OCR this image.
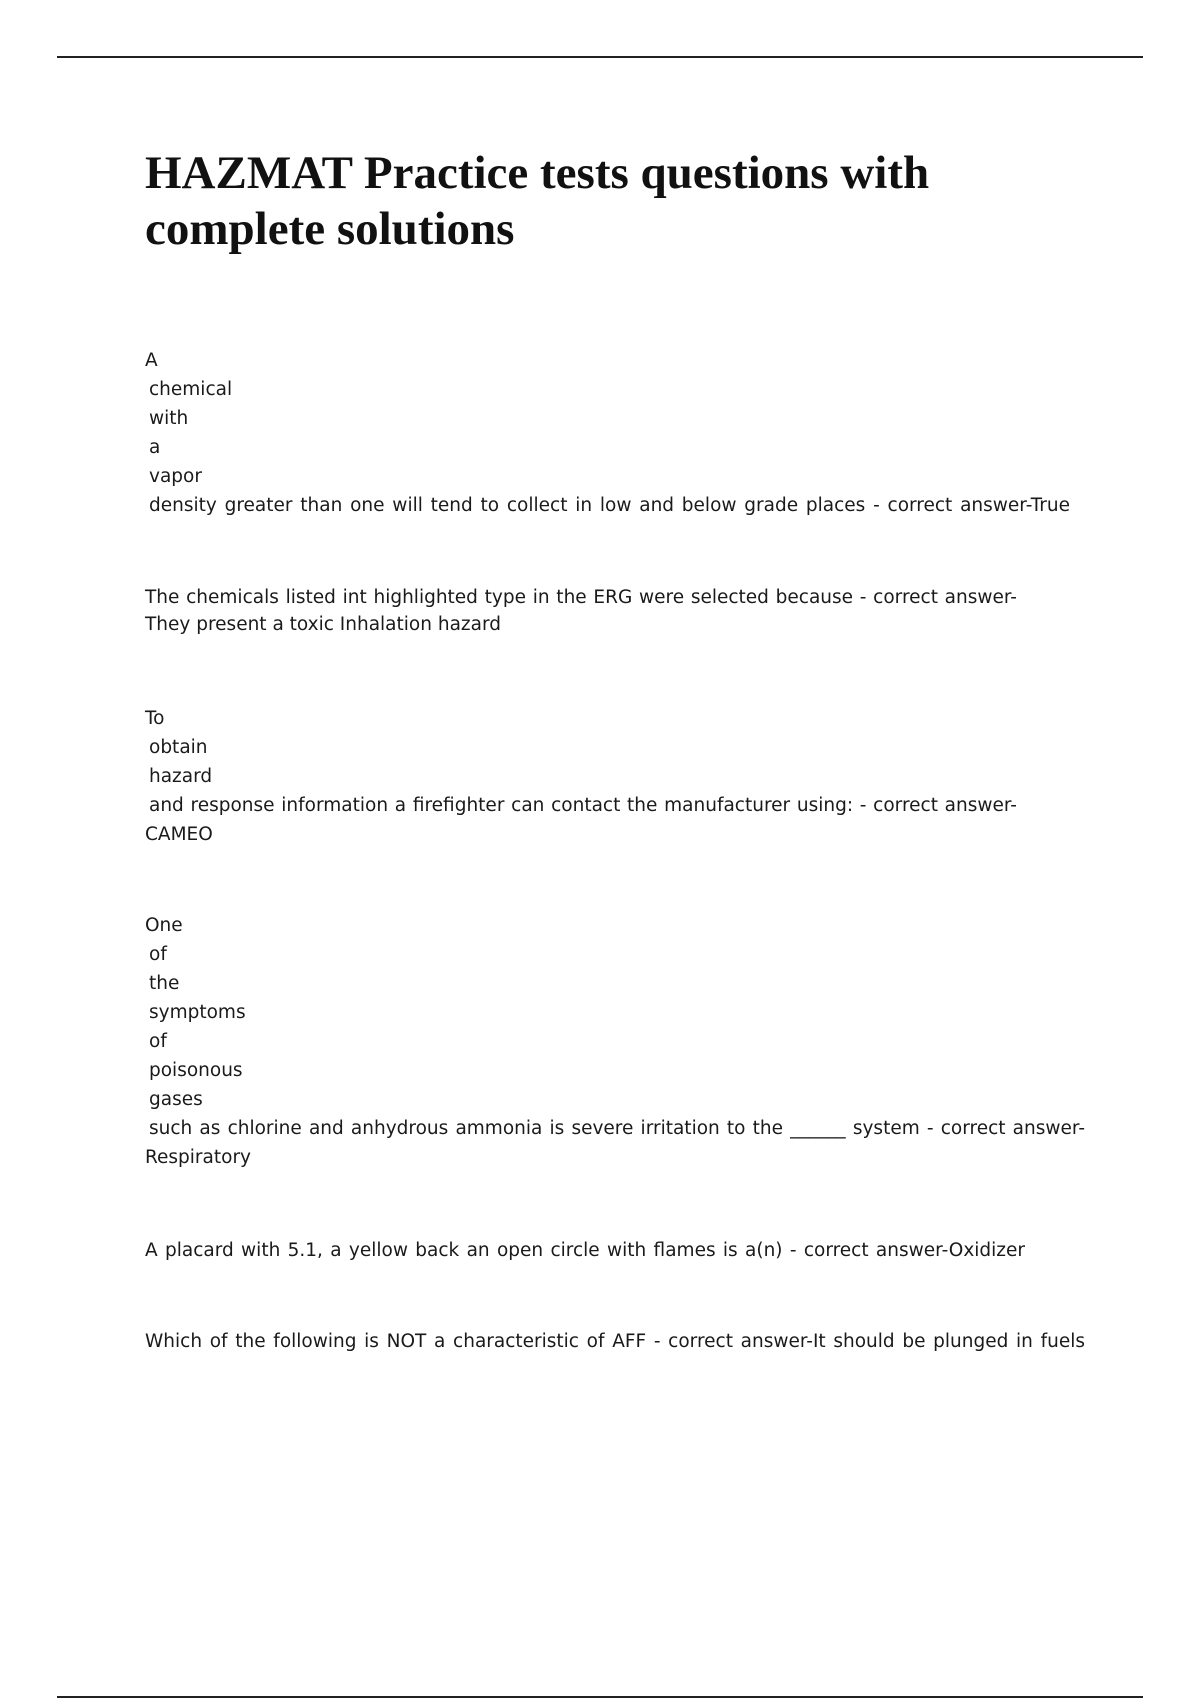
HAZMAT Practice tests questions with complete solutions
A
chemical
with
a
vapor
density greater than one will tend to collect in low and below grade places - correct answer-True
The chemicals listed int highlighted type in the ERG were selected because - correct answer-
They present a toxic Inhalation hazard
To
obtain
hazard
and response information a firefighter can contact the manufacturer using: - correct answer-
CAMEO
One
of
the
symptoms
of
poisonous
gases
such as chlorine and anhydrous ammonia is severe irritation to the ______ system - correct answer-
Respiratory
A placard with 5.1, a yellow back an open circle with flames is a(n) - correct answer-Oxidizer
Which of the following is NOT a characteristic of AFF - correct answer-It should be plunged in fuels
